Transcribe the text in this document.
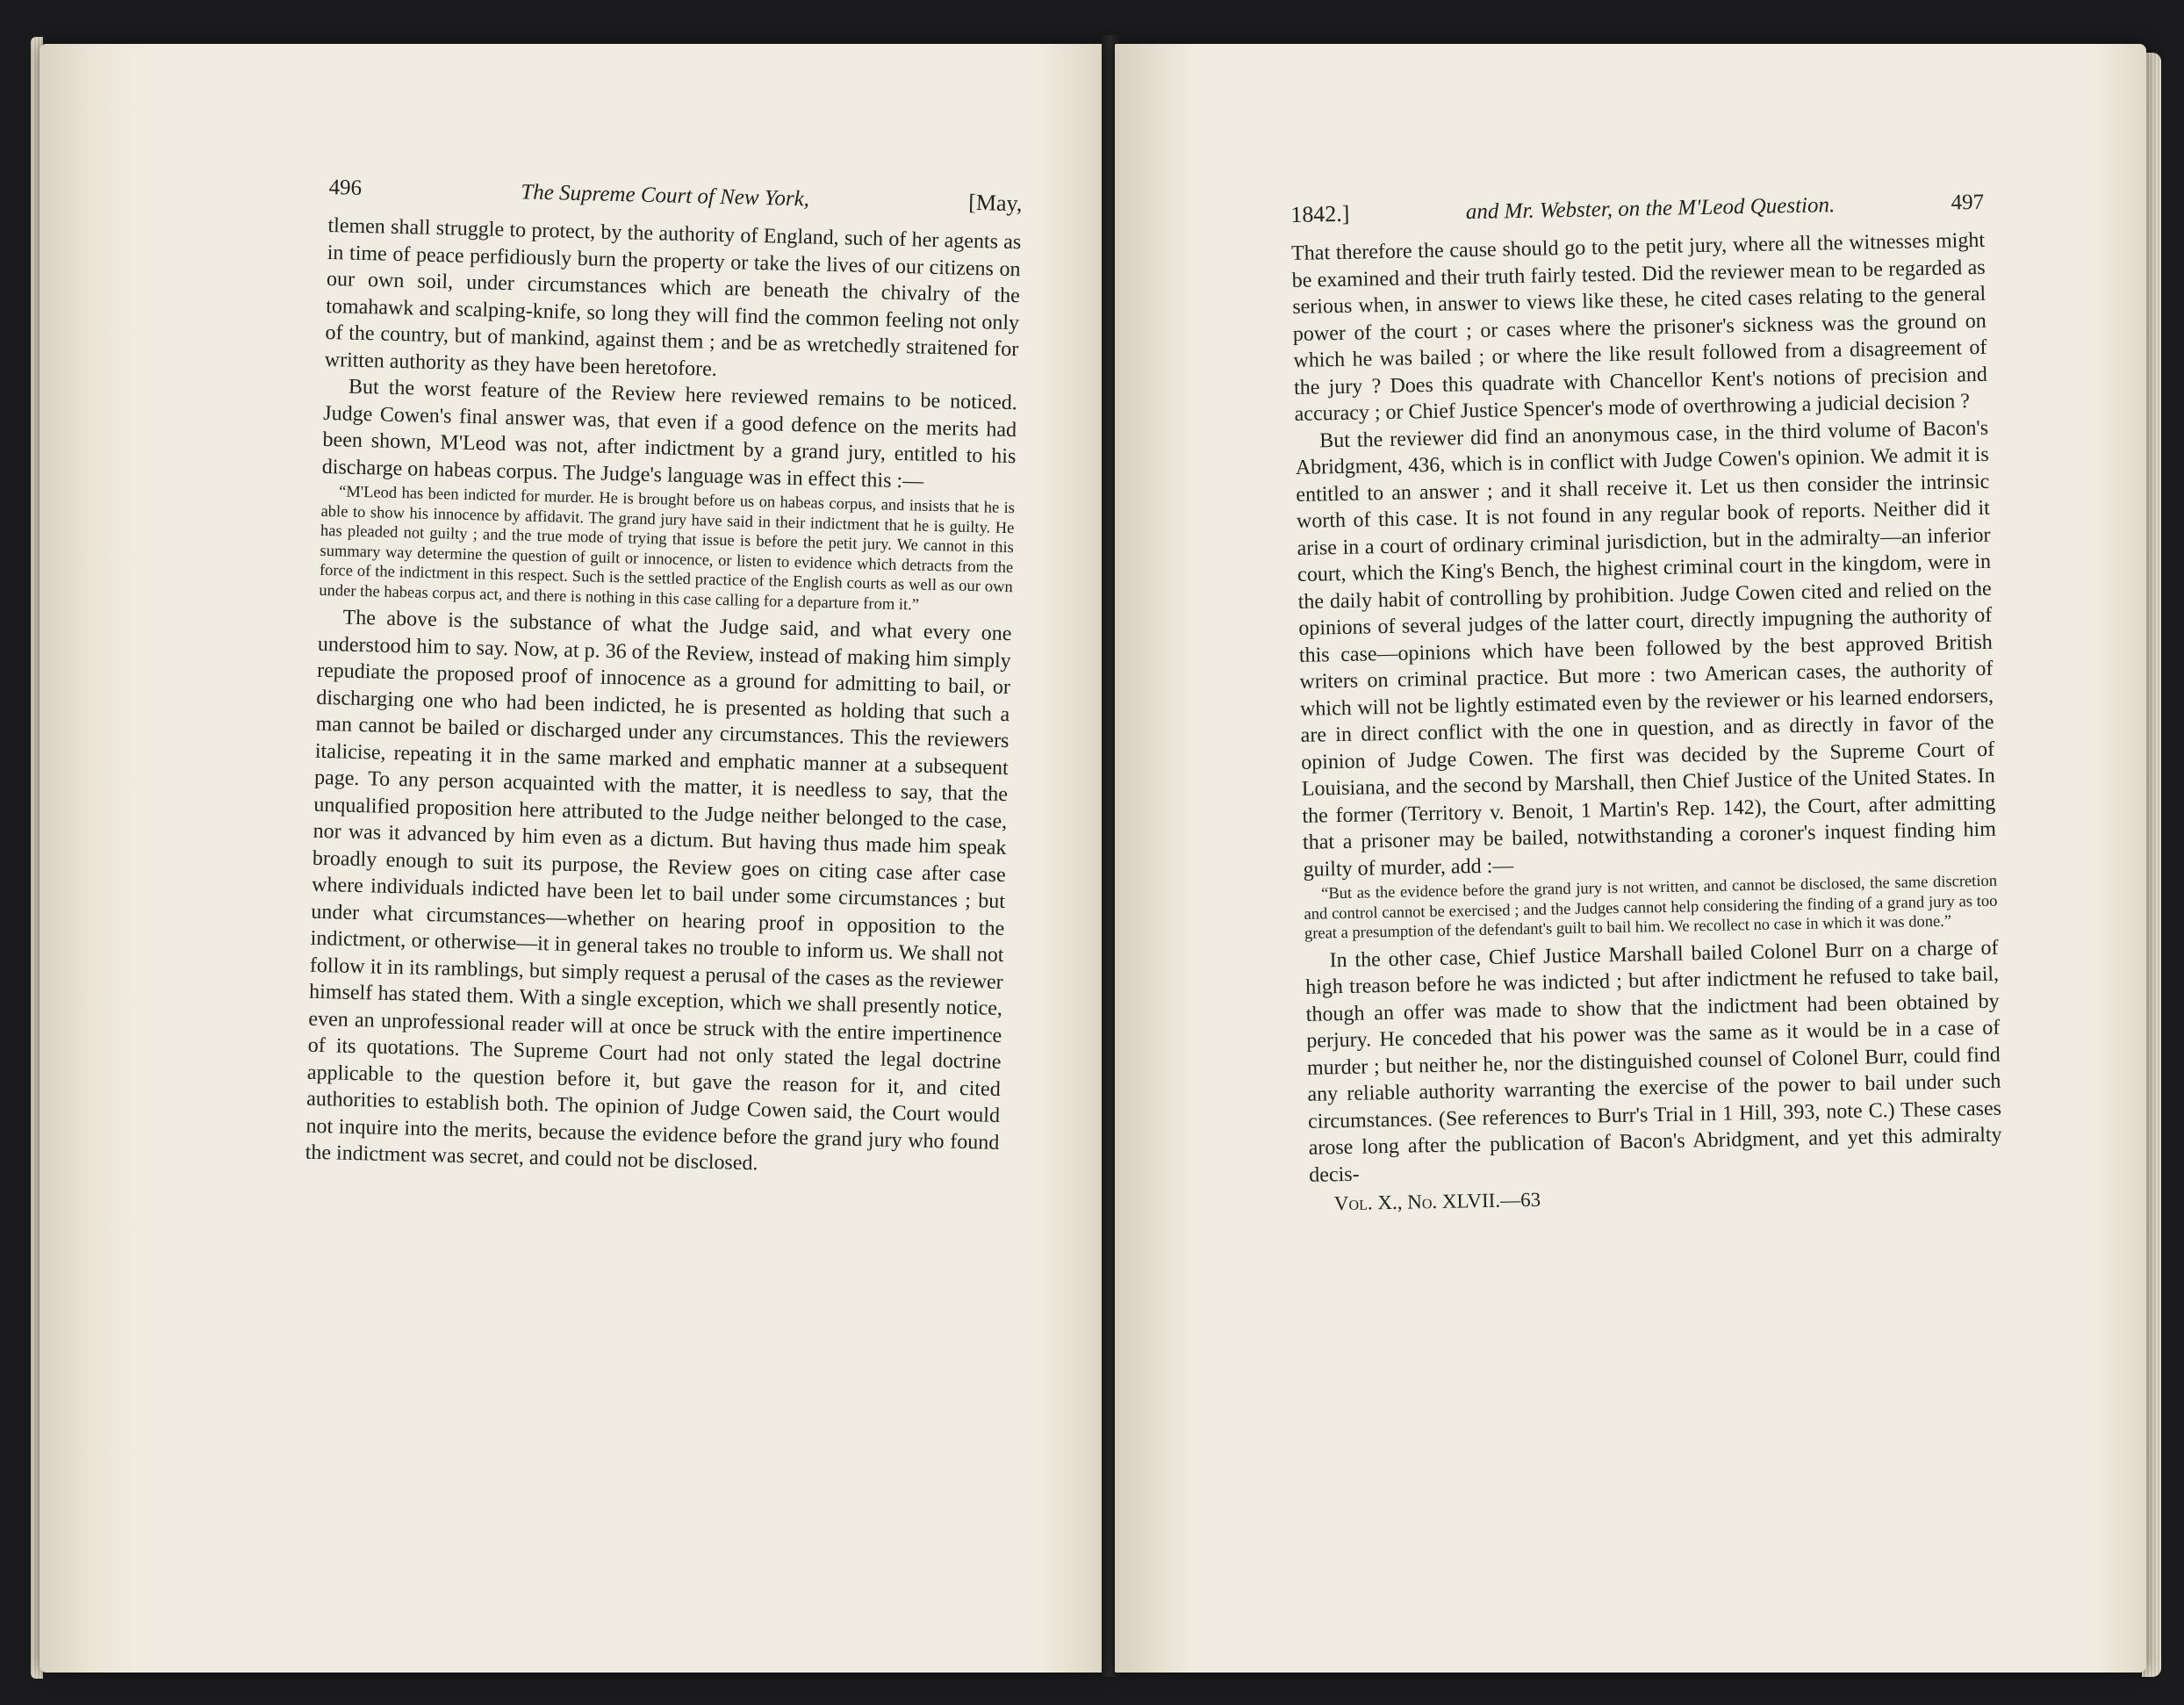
496	The Supreme Court of New York,	[May,

tlemen shall struggle to protect, by the authority of England, such of her agents as in time of peace perfidiously burn the property or take the lives of our citizens on our own soil, under circumstances which are beneath the chivalry of the tomahawk and scalping-knife, so long they will find the common feeling not only of the country, but of mankind, against them ; and be as wretchedly straitened for written authority as they have been heretofore.

But the worst feature of the Review here reviewed remains to be noticed. Judge Cowen's final answer was, that even if a good defence on the merits had been shown, M'Leod was not, after indictment by a grand jury, entitled to his discharge on habeas corpus. The Judge's language was in effect this :—

“M'Leod has been indicted for murder. He is brought before us on habeas corpus, and insists that he is able to show his innocence by affidavit. The grand jury have said in their indictment that he is guilty. He has pleaded not guilty ; and the true mode of trying that issue is before the petit jury. We cannot in this summary way determine the question of guilt or innocence, or listen to evidence which detracts from the force of the indictment in this respect. Such is the settled practice of the English courts as well as our own under the habeas corpus act, and there is nothing in this case calling for a departure from it.”

The above is the substance of what the Judge said, and what every one understood him to say. Now, at p. 36 of the Review, instead of making him simply repudiate the proposed proof of innocence as a ground for admitting to bail, or discharging one who had been indicted, he is presented as holding that such a man cannot be bailed or discharged under any circumstances. This the reviewers italicise, repeating it in the same marked and emphatic manner at a subsequent page. To any person acquainted with the matter, it is needless to say, that the unqualified proposition here attributed to the Judge neither belonged to the case, nor was it advanced by him even as a dictum. But having thus made him speak broadly enough to suit its purpose, the Review goes on citing case after case where individuals indicted have been let to bail under some circumstances ; but under what circumstances—whether on hearing proof in opposition to the indictment, or otherwise—it in general takes no trouble to inform us. We shall not follow it in its ramblings, but simply request a perusal of the cases as the reviewer himself has stated them. With a single exception, which we shall presently notice, even an unprofessional reader will at once be struck with the entire impertinence of its quotations. The Supreme Court had not only stated the legal doctrine applicable to the question before it, but gave the reason for it, and cited authorities to establish both. The opinion of Judge Cowen said, the Court would not inquire into the merits, because the evidence before the grand jury who found the indictment was secret, and could not be disclosed.

1842.]	and Mr. Webster, on the M'Leod Question.	497

That therefore the cause should go to the petit jury, where all the witnesses might be examined and their truth fairly tested. Did the reviewer mean to be regarded as serious when, in answer to views like these, he cited cases relating to the general power of the court ; or cases where the prisoner's sickness was the ground on which he was bailed ; or where the like result followed from a disagreement of the jury ? Does this quadrate with Chancellor Kent's notions of precision and accuracy ; or Chief Justice Spencer's mode of overthrowing a judicial decision ?

But the reviewer did find an anonymous case, in the third volume of Bacon's Abridgment, 436, which is in conflict with Judge Cowen's opinion. We admit it is entitled to an answer ; and it shall receive it. Let us then consider the intrinsic worth of this case. It is not found in any regular book of reports. Neither did it arise in a court of ordinary criminal jurisdiction, but in the admiralty—an inferior court, which the King's Bench, the highest criminal court in the kingdom, were in the daily habit of controlling by prohibition. Judge Cowen cited and relied on the opinions of several judges of the latter court, directly impugning the authority of this case—opinions which have been followed by the best approved British writers on criminal practice. But more : two American cases, the authority of which will not be lightly estimated even by the reviewer or his learned endorsers, are in direct conflict with the one in question, and as directly in favor of the opinion of Judge Cowen. The first was decided by the Supreme Court of Louisiana, and the second by Marshall, then Chief Justice of the United States. In the former (Territory v. Benoit, 1 Martin's Rep. 142), the Court, after admitting that a prisoner may be bailed, notwithstanding a coroner's inquest finding him guilty of murder, add :—

“But as the evidence before the grand jury is not written, and cannot be disclosed, the same discretion and control cannot be exercised ; and the Judges cannot help considering the finding of a grand jury as too great a presumption of the defendant's guilt to bail him. We recollect no case in which it was done.”

In the other case, Chief Justice Marshall bailed Colonel Burr on a charge of high treason before he was indicted ; but after indictment he refused to take bail, though an offer was made to show that the indictment had been obtained by perjury. He conceded that his power was the same as it would be in a case of murder ; but neither he, nor the distinguished counsel of Colonel Burr, could find any reliable authority warranting the exercise of the power to bail under such circumstances. (See references to Burr's Trial in 1 Hill, 393, note C.) These cases arose long after the publication of Bacon's Abridgment, and yet this admiralty decis-

Vol. X., No. XLVII.—63
